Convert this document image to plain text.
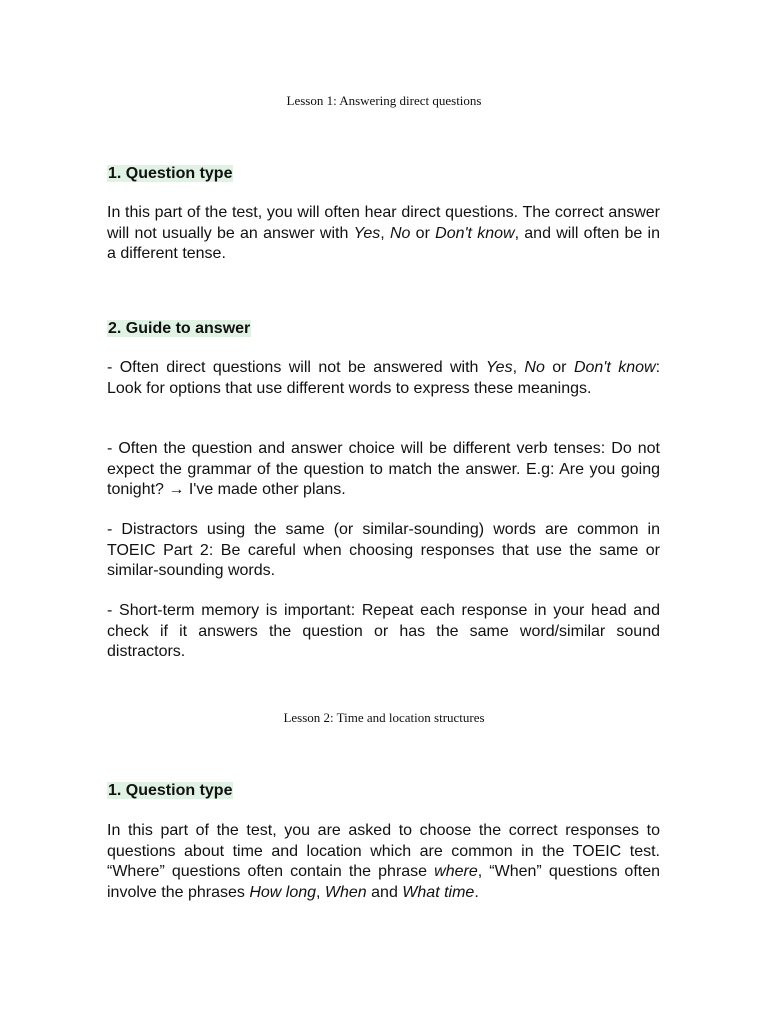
Lesson 1: Answering direct questions

1. Question type

In this part of the test, you will often hear direct questions. The correct answer will not usually be an answer with Yes, No or Don't know, and will often be in a different tense.

2. Guide to answer

- Often direct questions will not be answered with Yes, No or Don't know: Look for options that use different words to express these meanings.

- Often the question and answer choice will be different verb tenses: Do not expect the grammar of the question to match the answer. E.g: Are you going tonight? → I've made other plans.

- Distractors using the same (or similar-sounding) words are common in TOEIC Part 2: Be careful when choosing responses that use the same or similar-sounding words.

- Short-term memory is important: Repeat each response in your head and check if it answers the question or has the same word/similar sound distractors.

Lesson 2: Time and location structures

1. Question type

In this part of the test, you are asked to choose the correct responses to questions about time and location which are common in the TOEIC test. “Where” questions often contain the phrase where, “When” questions often involve the phrases How long, When and What time.
